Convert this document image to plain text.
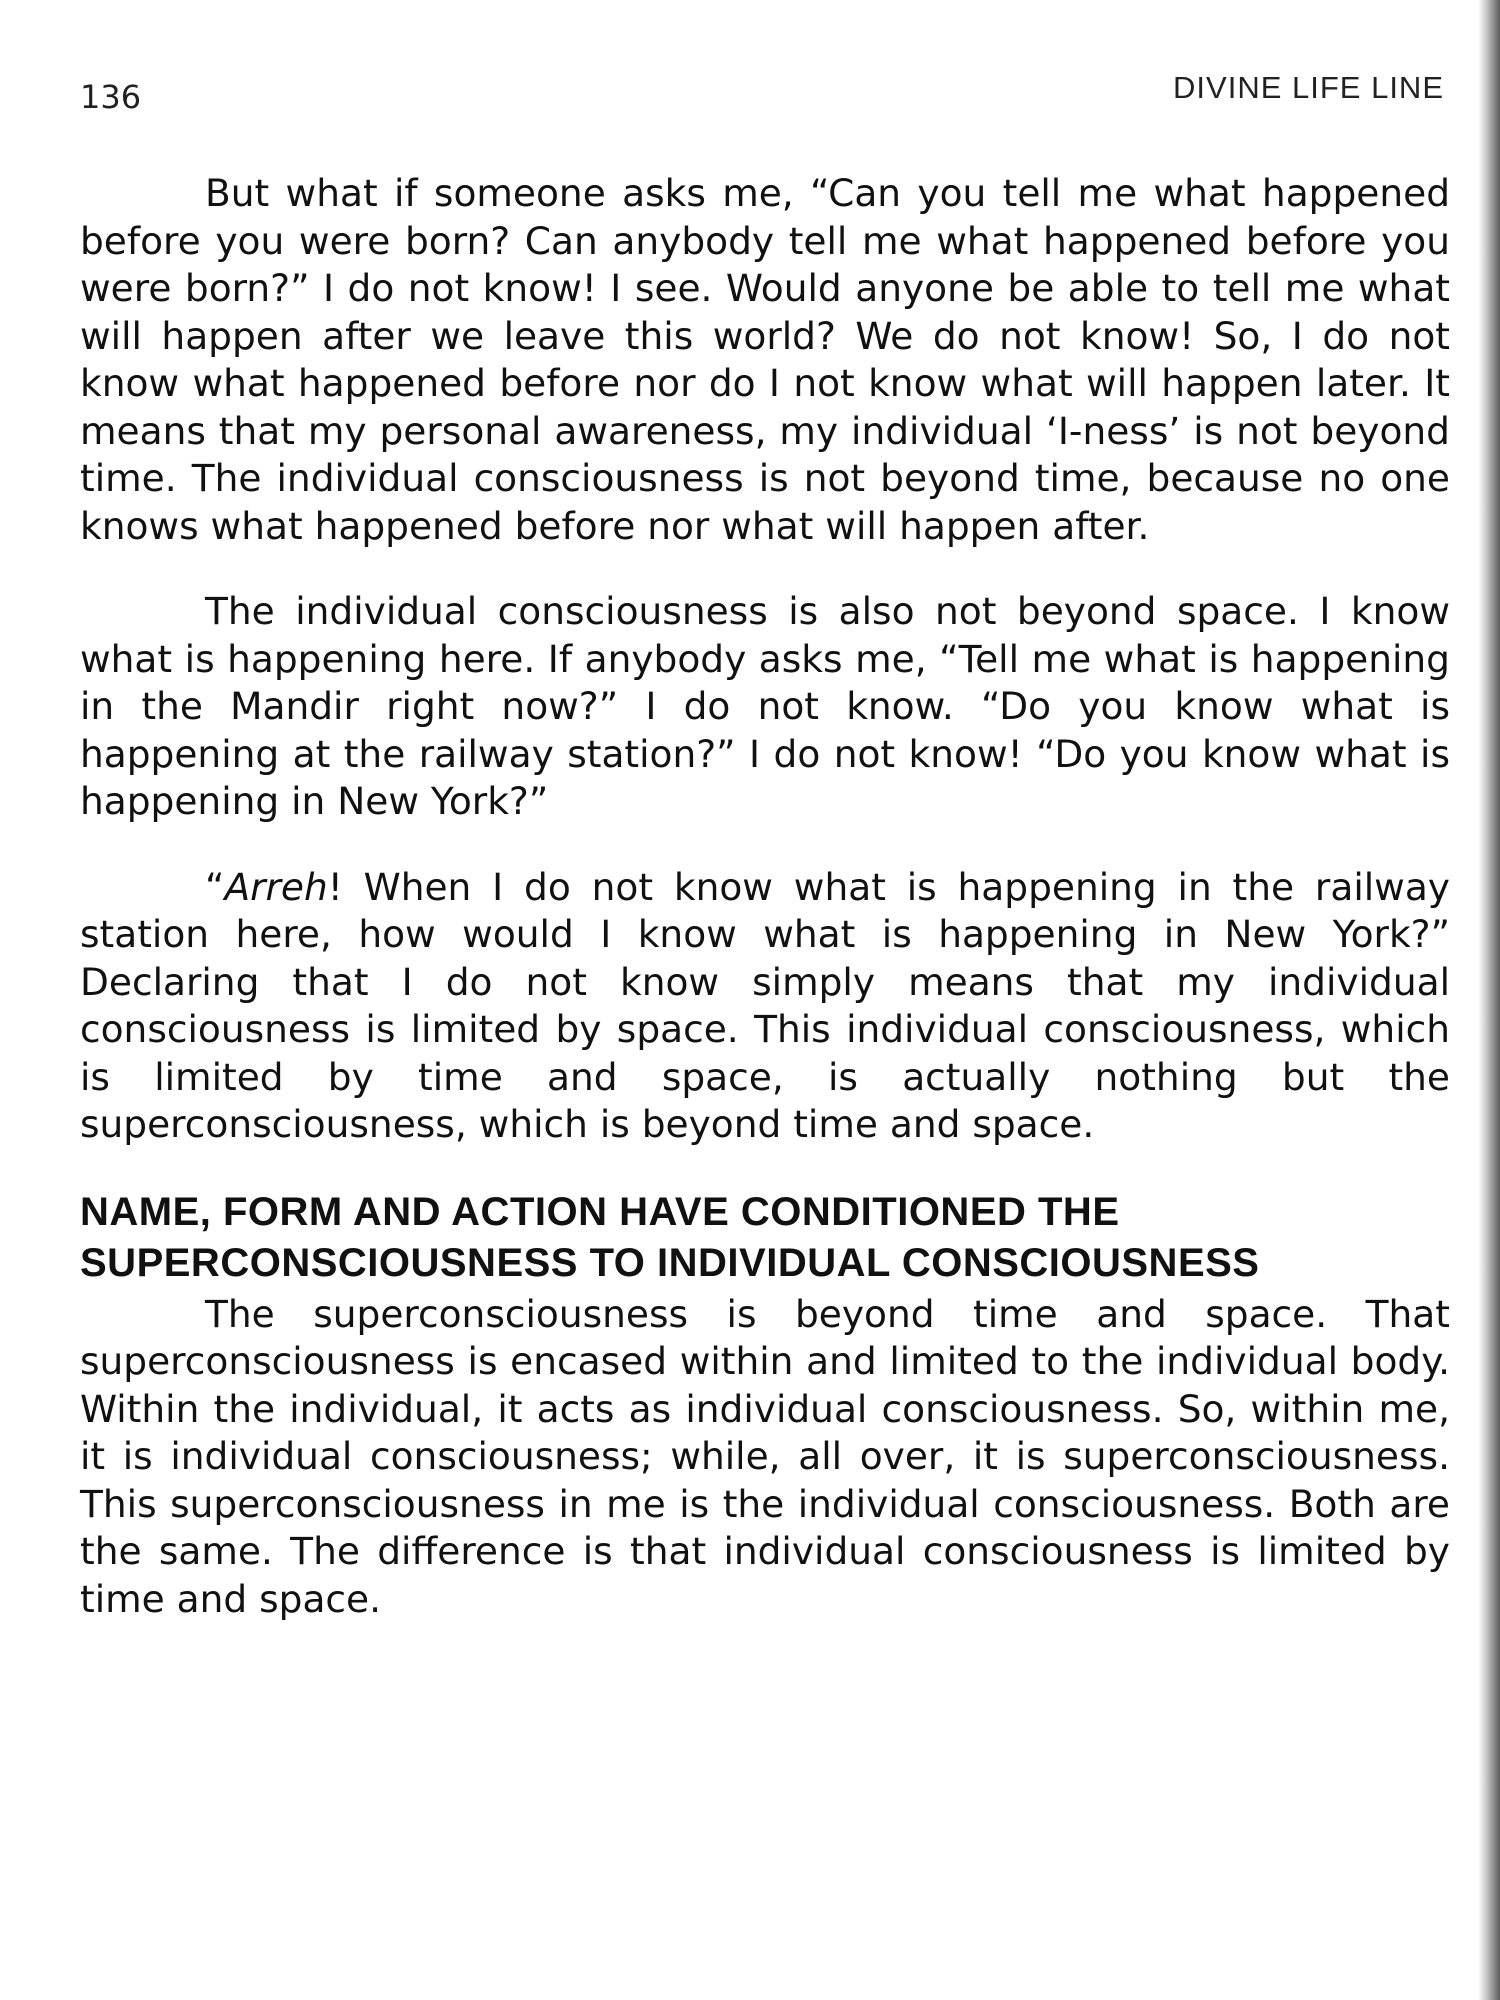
136	DIVINE LIFE LINE

But what if someone asks me, “Can you tell me what happened before you were born? Can anybody tell me what happened before you were born?” I do not know! I see. Would anyone be able to tell me what will happen after we leave this world? We do not know! So, I do not know what happened before nor do I not know what will happen later. It means that my personal awareness, my individual ‘I-ness’ is not beyond time. The individual consciousness is not beyond time, because no one knows what happened before nor what will happen after.

The individual consciousness is also not beyond space. I know what is happening here. If anybody asks me, “Tell me what is happening in the Mandir right now?” I do not know. “Do you know what is happening at the railway station?” I do not know! “Do you know what is happening in New York?”

“Arreh! When I do not know what is happening in the railway station here, how would I know what is happening in New York?” Declaring that I do not know simply means that my individual consciousness is limited by space. This individual consciousness, which is limited by time and space, is actually nothing but the superconsciousness, which is beyond time and space.

NAME, FORM AND ACTION HAVE CONDITIONED THE SUPERCONSCIOUSNESS TO INDIVIDUAL CONSCIOUSNESS

The superconsciousness is beyond time and space. That superconsciousness is encased within and limited to the individual body. Within the individual, it acts as individual consciousness. So, within me, it is individual consciousness; while, all over, it is superconsciousness. This superconsciousness in me is the individual consciousness. Both are the same. The difference is that individual consciousness is limited by time and space.
